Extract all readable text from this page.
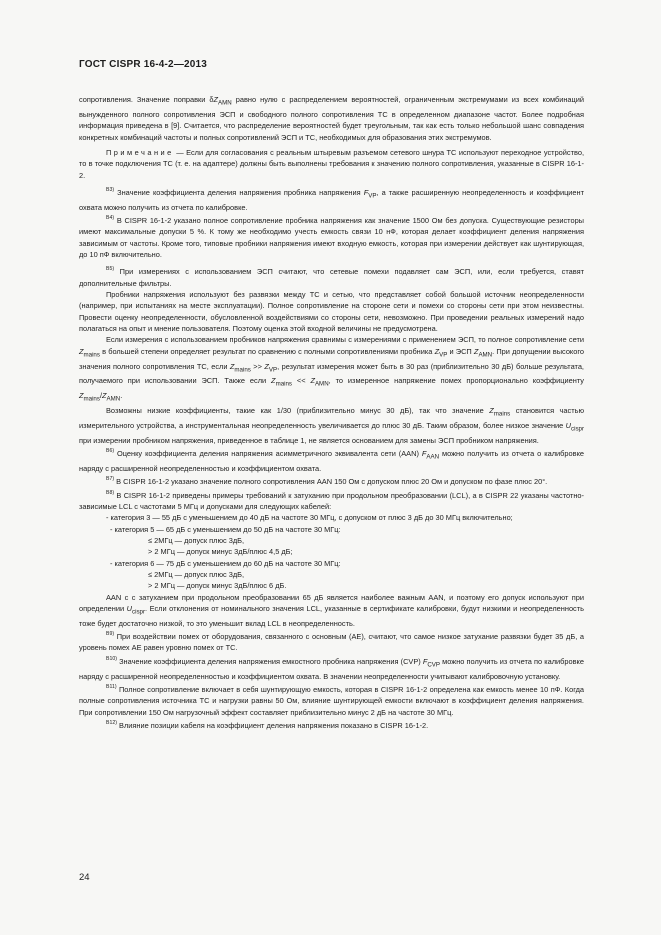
ГОСТ CISPR 16-4-2—2013

сопротивления. Значение поправки $\delta Z_{AMN}$ равно нулю с распределением вероятностей, ограниченным экстремумами из всех комбинаций вынужденного полного сопротивления ЭСП и свободного полного сопротивления ТС в определенном диапазоне частот. Более подробная информация приведена в [9]. Считается, что распределение вероятностей будет треугольным, так как есть только небольшой шанс совпадения конкретных комбинаций частоты и полных сопротивлений ЭСП и ТС, необходимых для образования этих экстремумов.

Примечание — Если для согласования с реальным штыревым разъемом сетевого шнура ТС используют переходное устройство, то в точке подключения ТС (т. е. на адаптере) должны быть выполнены требования к значению полного сопротивления, указанные в CISPR 16-1-2.

$^{B3)}$ Значение коэффициента деления напряжения пробника напряжения $F_{VP}$, а также расширенную неопределенность и коэффициент охвата можно получить из отчета по калибровке.

$^{B4)}$ В CISPR 16-1-2 указано полное сопротивление пробника напряжения как значение 1500 Ом без допуска. Существующие резисторы имеют максимальные допуски 5 %. К тому же необходимо учесть емкость связи 10 нФ, которая делает коэффициент деления напряжения зависимым от частоты. Кроме того, типовые пробники напряжения имеют входную емкость, которая при измерении действует как шунтирующая, до 10 пФ включительно.

$^{B5)}$ При измерениях с использованием ЭСП считают, что сетевые помехи подавляет сам ЭСП, или, если требуется, ставят дополнительные фильтры.

Пробники напряжения используют без развязки между ТС и сетью, что представляет собой большой источник неопределенности (например, при испытаниях на месте эксплуатации). Полное сопротивление на стороне сети и помехи со стороны сети при этом неизвестны. Провести оценку неопределенности, обусловленной воздействиями со стороны сети, невозможно. При проведении реальных измерений надо полагаться на опыт и мнение пользователя. Поэтому оценка этой входной величины не предусмотрена.

Если измерения с использованием пробников напряжения сравнимы с измерениями с применением ЭСП, то полное сопротивление сети $Z_{mains}$ в большей степени определяет результат по сравнению с полными сопротивлениями пробника $Z_{VP}$ и ЭСП $Z_{AMN}$. При допущении высокого значения полного сопротивления ТС, если $Z_{mains} >> Z_{VP}$, результат измерения может быть в 30 раз (приблизительно 30 дБ) больше результата, получаемого при использовании ЭСП. Также если $Z_{mains} << Z_{AMN}$, то измеренное напряжение помех пропорционально коэффициенту $Z_{mains}/Z_{AMN}$.

Возможны низкие коэффициенты, такие как 1/30 (приблизительно минус 30 дБ), так что значение $Z_{mains}$ становится частью измерительного устройства, а инструментальная неопределенность увеличивается до плюс 30 дБ. Таким образом, более низкое значение $U_{cispr}$ при измерении пробником напряжения, приведенное в таблице 1, не является основанием для замены ЭСП пробником напряжения.

$^{B6)}$ Оценку коэффициента деления напряжения асимметричного эквивалента сети (AAN) $F_{AAN}$ можно получить из отчета о калибровке наряду с расширенной неопределенностью и коэффициентом охвата.

$^{B7)}$ В CISPR 16-1-2 указано значение полного сопротивления AAN 150 Ом с допуском плюс 20 Ом и допуском по фазе плюс 20°.

$^{B8)}$ В CISPR 16-1-2 приведены примеры требований к затуханию при продольном преобразовании (LCL), а в CISPR 22 указаны частотно-зависимые LCL с частотами 5 МГц и допусками для следующих кабелей:

- категория 3 — 55 дБ с уменьшением до 40 дБ на частоте 30 МГц, с допуском от плюс 3 дБ до 30 МГц включительно;

- категория 5 — 65 дБ с уменьшением до 50 дБ на частоте 30 МГц:

≤ 2МГц — допуск плюс 3дБ,

> 2 МГц — допуск минус 3дБ/плюс 4,5 дБ;

- категория 6 — 75 дБ с уменьшением до 60 дБ на частоте 30 МГц:

≤ 2МГц — допуск плюс 3дБ,

> 2 МГц — допуск минус 3дБ/плюс 6 дБ.

AAN с с затуханием при продольном преобразовании 65 дБ является наиболее важным AAN, и поэтому его допуск используют при определении $U_{cispr}$. Если отклонения от номинального значения LCL, указанные в сертификате калибровки, будут низкими и неопределенность тоже будет достаточно низкой, то это уменьшит вклад LCL в неопределенность.

$^{B9)}$ При воздействии помех от оборудования, связанного с основным (AE), считают, что самое низкое затухание развязки будет 35 дБ, а уровень помех AE равен уровню помех от ТС.

$^{B10)}$ Значение коэффициента деления напряжения емкостного пробника напряжения (CVP) $F_{CVP}$ можно получить из отчета по калибровке наряду с расширенной неопределенностью и коэффициентом охвата. В значении неопределенности учитывают калибровочную установку.

$^{B11)}$ Полное сопротивление включает в себя шунтирующую емкость, которая в CISPR 16-1-2 определена как емкость менее 10 пФ. Когда полные сопротивления источника ТС и нагрузки равны 50 Ом, влияние шунтирующей емкости включают в коэффициент деления напряжения. При сопротивлении 150 Ом нагрузочный эффект составляет приблизительно минус 2 дБ на частоте 30 МГц.

$^{B12)}$ Влияние позиции кабеля на коэффициент деления напряжения показано в CISPR 16-1-2.

24
